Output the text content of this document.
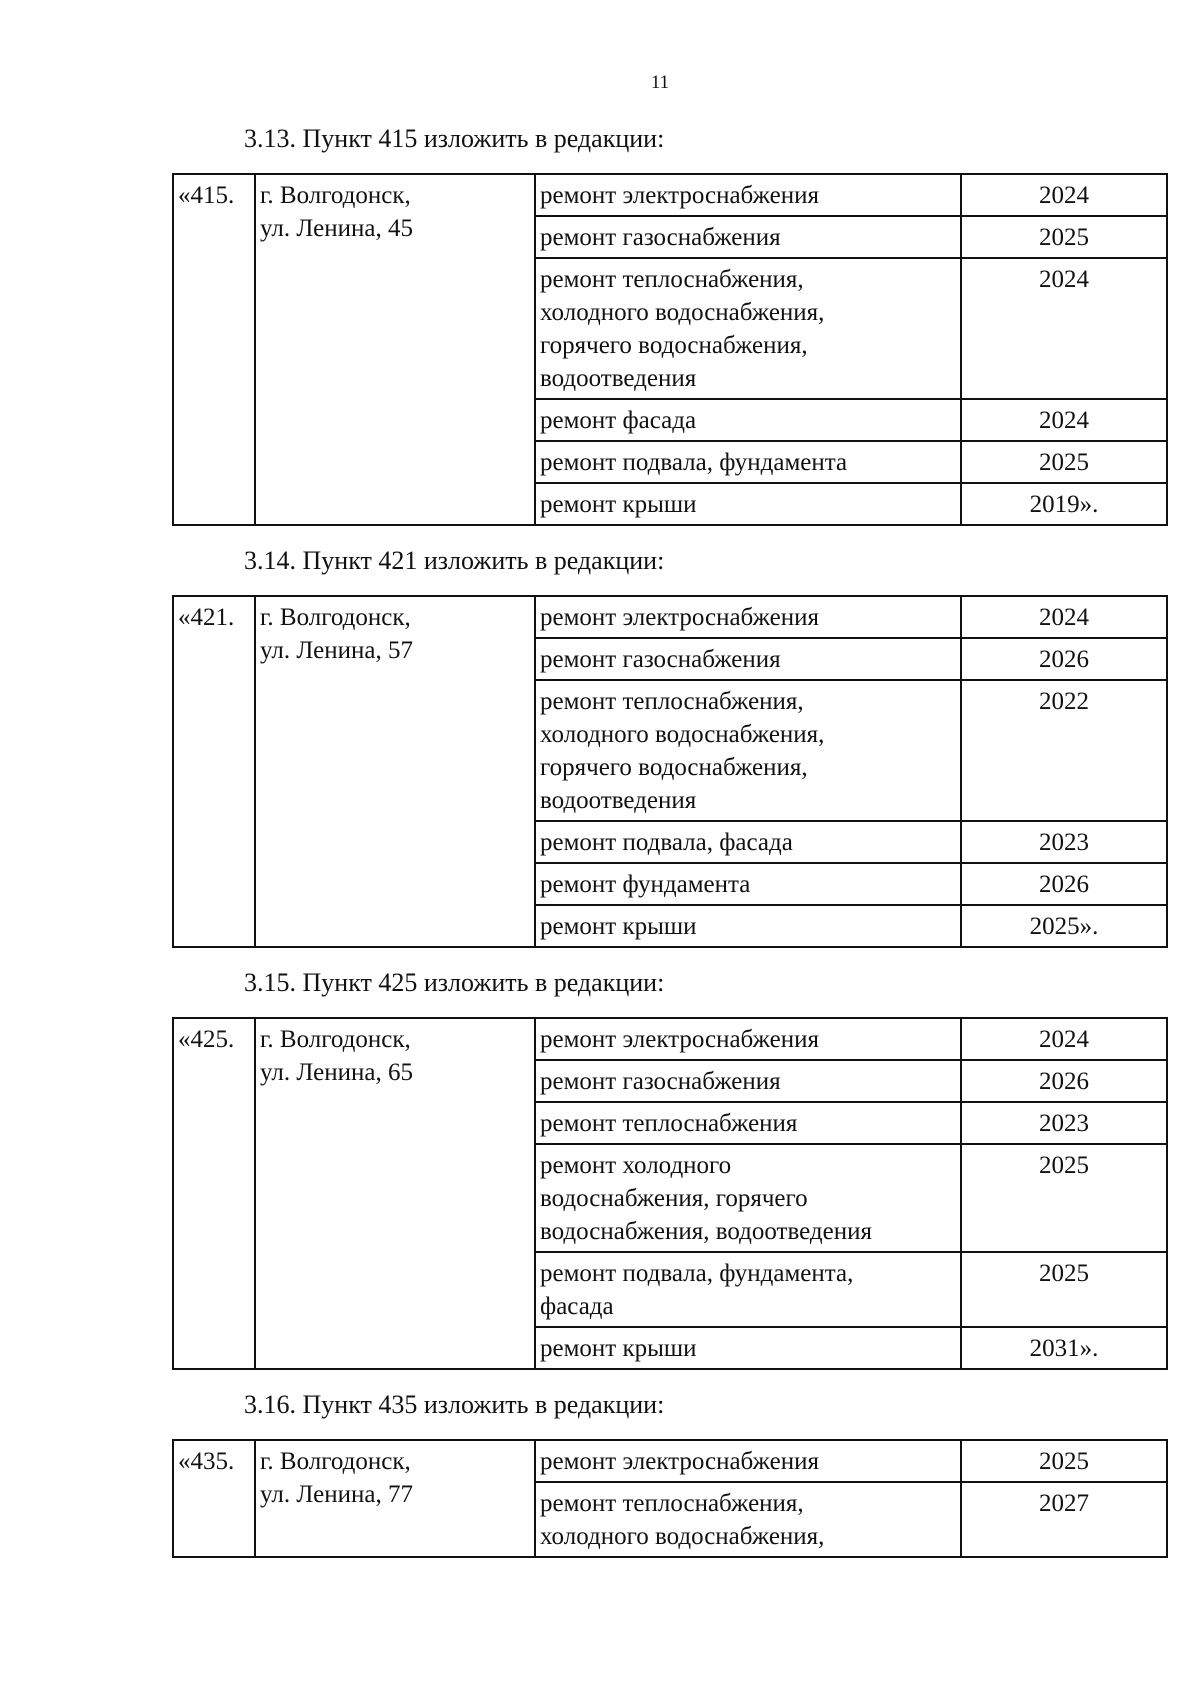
11
3.13. Пункт 415 изложить в редакции:
«415.	г. Волгодонск,
ул. Ленина, 45	ремонт электроснабжения	2024

		ремонт газоснабжения	2025

		ремонт теплоснабжения,
холодного водоснабжения,
горячего водоснабжения,
водоотведения	2024

		ремонт фасада	2024

		ремонт подвала, фундамента	2025

		ремонт крыши	2019».
3.14. Пункт 421 изложить в редакции:
«421.	г. Волгодонск,
ул. Ленина, 57	ремонт электроснабжения	2024

		ремонт газоснабжения	2026

		ремонт теплоснабжения,
холодного водоснабжения,
горячего водоснабжения,
водоотведения	2022

		ремонт подвала, фасада	2023

		ремонт фундамента	2026

		ремонт крыши	2025».
3.15. Пункт 425 изложить в редакции:
«425.	г. Волгодонск,
ул. Ленина, 65	ремонт электроснабжения	2024

		ремонт газоснабжения	2026

		ремонт теплоснабжения	2023

		ремонт холодного
водоснабжения, горячего
водоснабжения, водоотведения	2025

		ремонт подвала, фундамента,
фасада	2025

		ремонт крыши	2031».
3.16. Пункт 435 изложить в редакции:
«435.	г. Волгодонск,
ул. Ленина, 77	ремонт электроснабжения	2025

		ремонт теплоснабжения,
холодного водоснабжения,	2027
